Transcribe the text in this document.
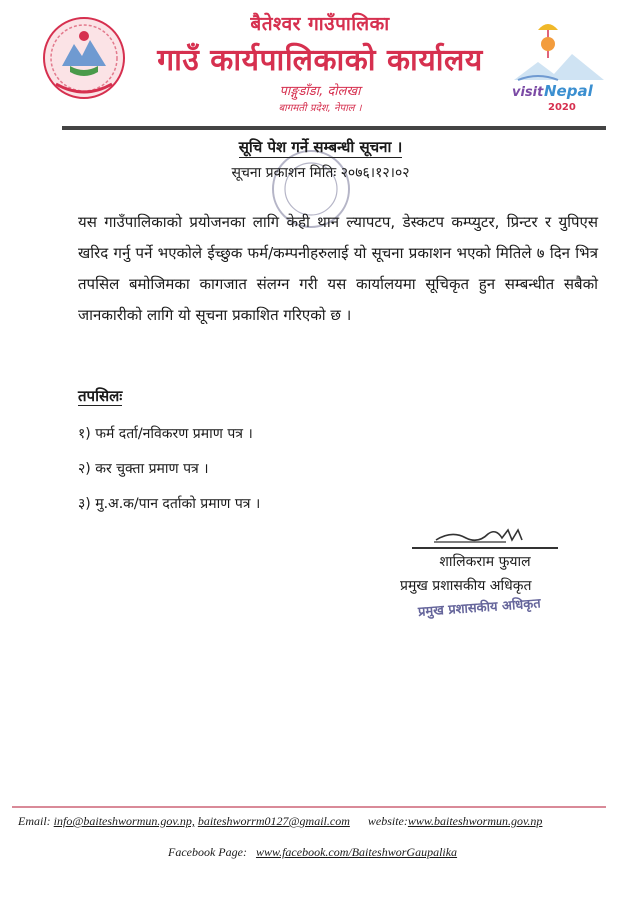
बैतेश्वर गाउँपालिका
गाउँ कार्यपालिकाको कार्यालय
पाङ्गुडाँडा, दोलखा
बागमती प्रदेश, नेपाल ।
visit Nepal
2020
सूचि पेश गर्ने सम्बन्धी सूचना ।
सूचना प्रकाशन मितिः २०७६।१२।०२
यस गाउँपालिकाको प्रयोजनका लागि केही थान ल्यापटप, डेस्कटप कम्प्युटर, प्रिन्टर र युपिएस खरिद गर्नु पर्ने भएकोले ईच्छुक फर्म/कम्पनीहरुलाई यो सूचना प्रकाशन भएको मितिले ७ दिन भित्र तपसिल बमोजिमका कागजात संलग्न गरी यस कार्यालयमा सूचिकृत हुन सम्बन्धीत सबैको जानकारीको लागि यो सूचना प्रकाशित गरिएको छ ।
तपसिलः
१) फर्म दर्ता/नविकरण प्रमाण पत्र ।
२) कर चुक्ता प्रमाण पत्र ।
३) मु.अ.क/पान दर्ताको प्रमाण पत्र ।
शालिकराम फुयाल
प्रमुख प्रशासकीय अधिकृत
प्रमुख प्रशासकीय अधिकृत
Email: info@baiteshwormun.gov.np, baiteshworrm0127@gmail.com website:www.baiteshwormun.gov.np
Facebook Page: www.facebook.com/BaiteshworGaupalika
